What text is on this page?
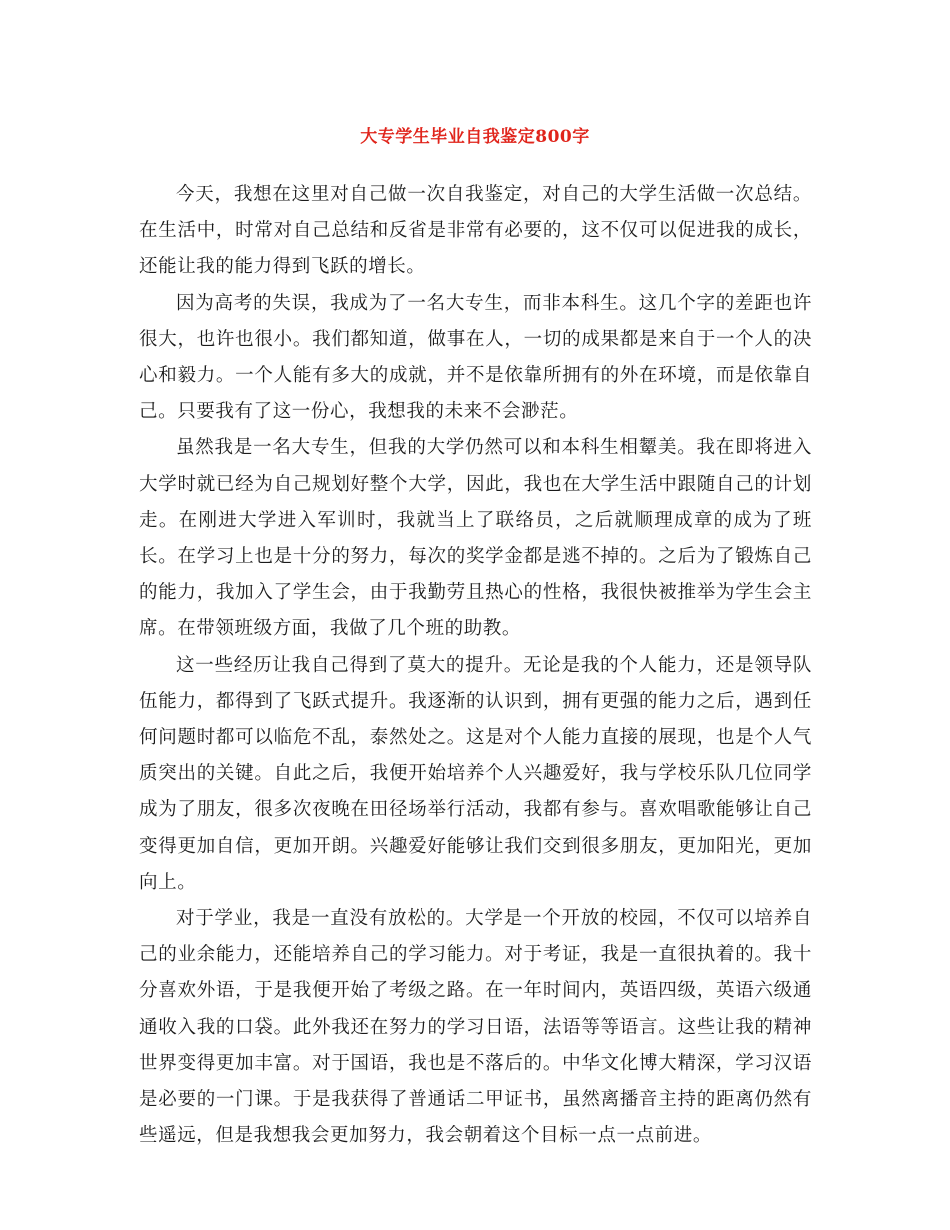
大专学生毕业自我鉴定800字

今天，我想在这里对自己做一次自我鉴定，对自己的大学生活做一次总结。在生活中，时常对自己总结和反省是非常有必要的，这不仅可以促进我的成长，还能让我的能力得到飞跃的增长。

因为高考的失误，我成为了一名大专生，而非本科生。这几个字的差距也许很大，也许也很小。我们都知道，做事在人，一切的成果都是来自于一个人的决心和毅力。一个人能有多大的成就，并不是依靠所拥有的外在环境，而是依靠自己。只要我有了这一份心，我想我的未来不会渺茫。

虽然我是一名大专生，但我的大学仍然可以和本科生相颦美。我在即将进入大学时就已经为自己规划好整个大学，因此，我也在大学生活中跟随自己的计划走。在刚进大学进入军训时，我就当上了联络员，之后就顺理成章的成为了班长。在学习上也是十分的努力，每次的奖学金都是逃不掉的。之后为了锻炼自己的能力，我加入了学生会，由于我勤劳且热心的性格，我很快被推举为学生会主席。在带领班级方面，我做了几个班的助教。

这一些经历让我自己得到了莫大的提升。无论是我的个人能力，还是领导队伍能力，都得到了飞跃式提升。我逐渐的认识到，拥有更强的能力之后，遇到任何问题时都可以临危不乱，泰然处之。这是对个人能力直接的展现，也是个人气质突出的关键。自此之后，我便开始培养个人兴趣爱好，我与学校乐队几位同学成为了朋友，很多次夜晚在田径场举行活动，我都有参与。喜欢唱歌能够让自己变得更加自信，更加开朗。兴趣爱好能够让我们交到很多朋友，更加阳光，更加向上。

对于学业，我是一直没有放松的。大学是一个开放的校园，不仅可以培养自己的业余能力，还能培养自己的学习能力。对于考证，我是一直很执着的。我十分喜欢外语，于是我便开始了考级之路。在一年时间内，英语四级，英语六级通通收入我的口袋。此外我还在努力的学习日语，法语等等语言。这些让我的精神世界变得更加丰富。对于国语，我也是不落后的。中华文化博大精深，学习汉语是必要的一门课。于是我获得了普通话二甲证书，虽然离播音主持的距离仍然有些遥远，但是我想我会更加努力，我会朝着这个目标一点一点前进。
